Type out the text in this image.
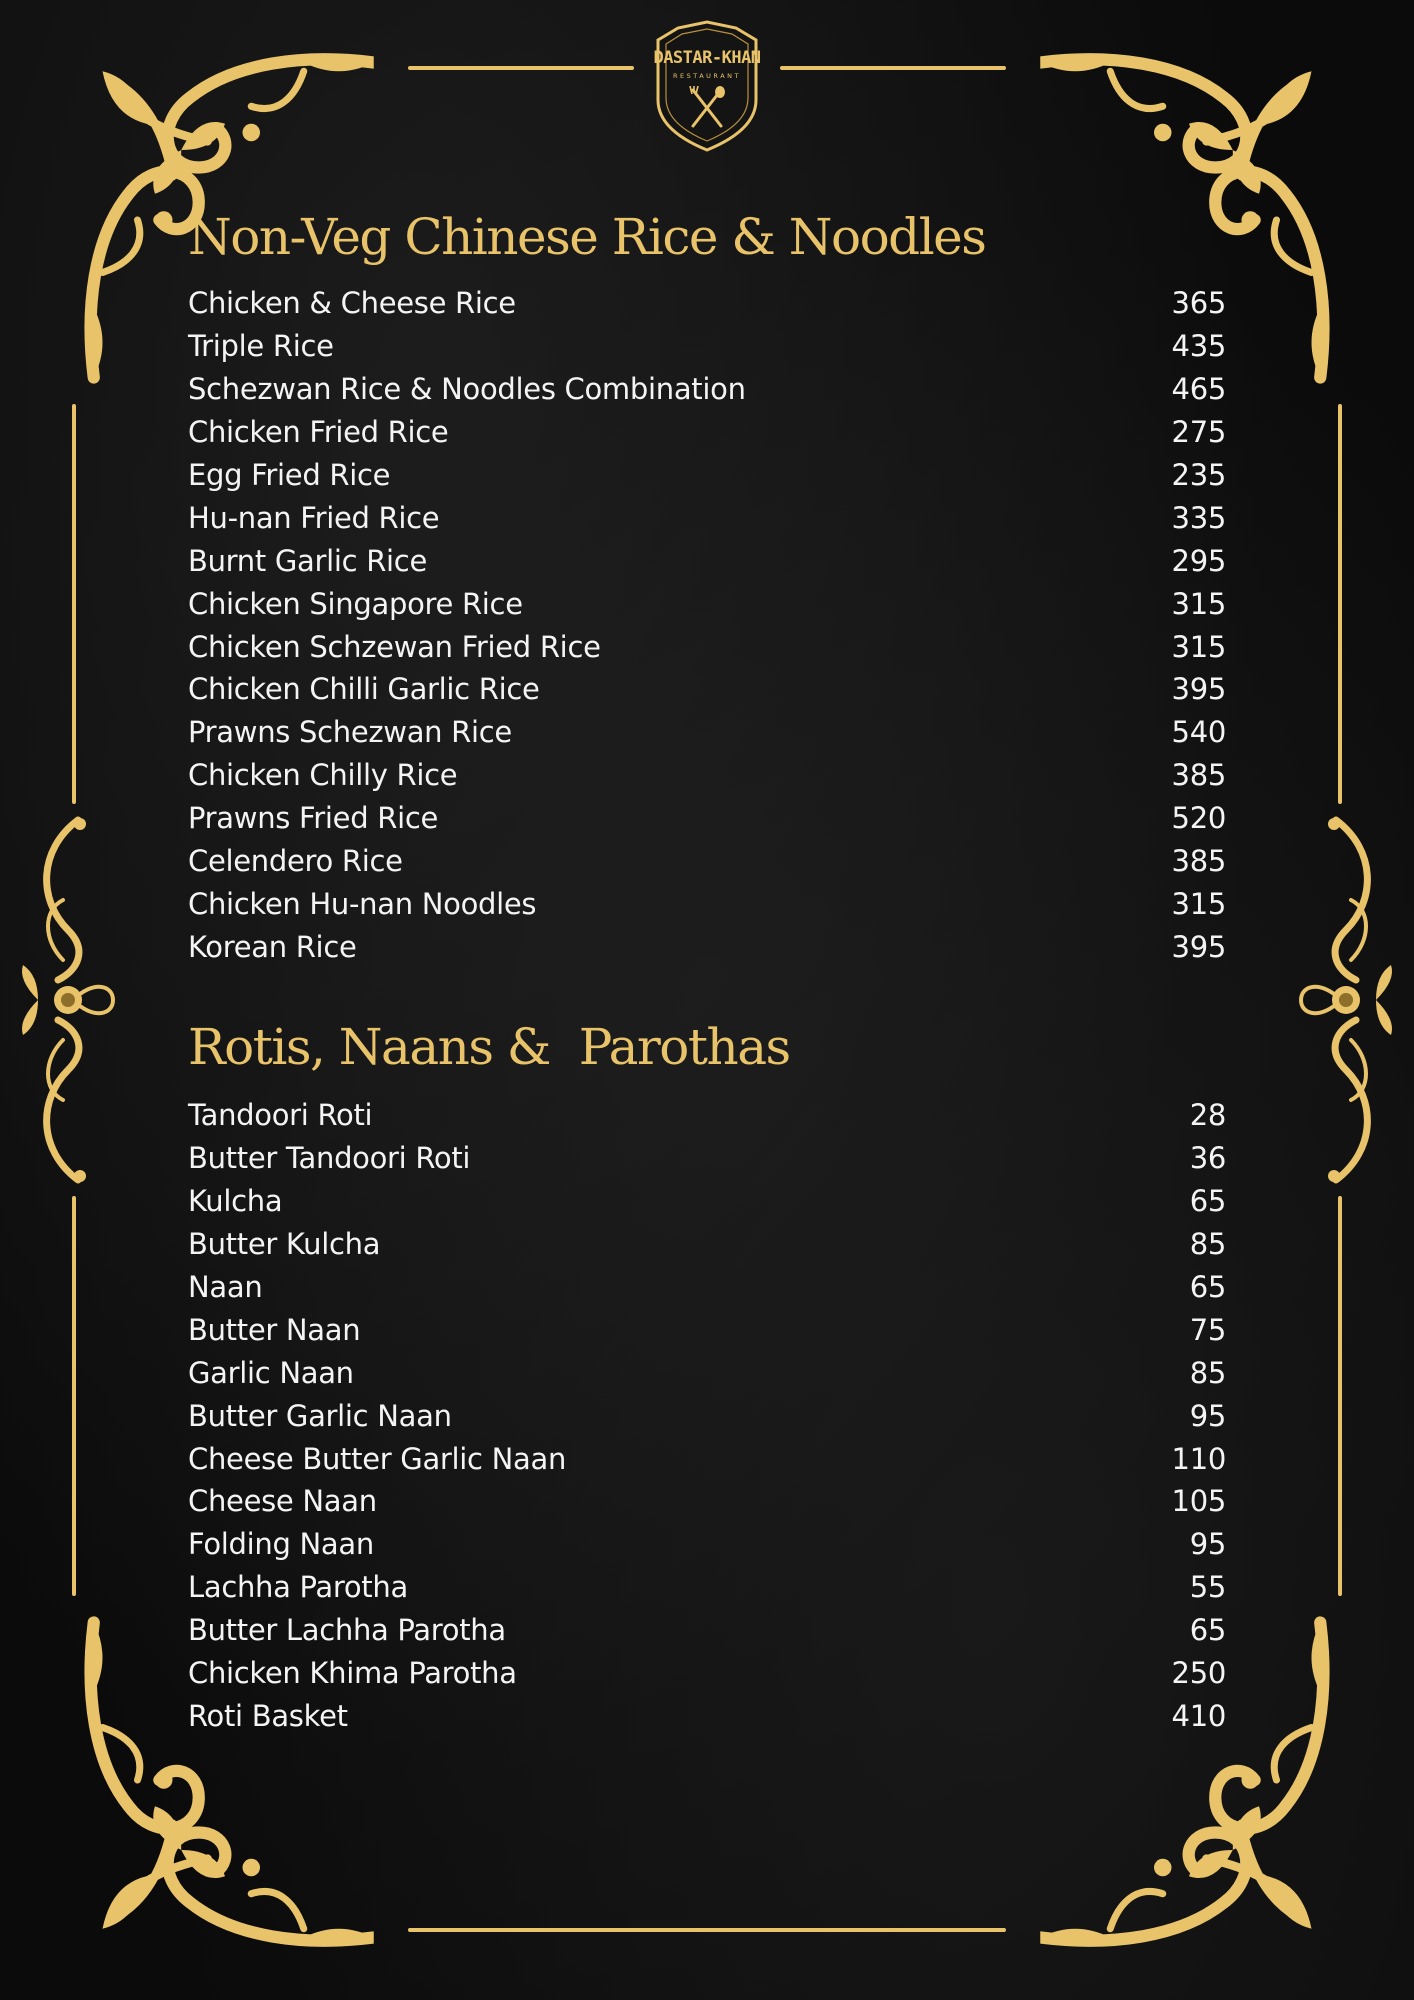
DASTAR-KHAN
RESTAURANT
Non-Veg Chinese Rice & Noodles
Chicken & Cheese Rice	365
Triple Rice	435
Schezwan Rice & Noodles Combination	465
Chicken Fried Rice	275
Egg Fried Rice	235
Hu-nan Fried Rice	335
Burnt Garlic Rice	295
Chicken Singapore Rice	315
Chicken Schzewan Fried Rice	315
Chicken Chilli Garlic Rice	395
Prawns Schezwan Rice	540
Chicken Chilly Rice	385
Prawns Fried Rice	520
Celendero Rice	385
Chicken Hu-nan Noodles	315
Korean Rice	395
Rotis, Naans &  Parothas
Tandoori Roti	28
Butter Tandoori Roti	36
Kulcha	65
Butter Kulcha	85
Naan	65
Butter Naan	75
Garlic Naan	85
Butter Garlic Naan	95
Cheese Butter Garlic Naan	110
Cheese Naan	105
Folding Naan	95
Lachha Parotha	55
Butter Lachha Parotha	65
Chicken Khima Parotha	250
Roti Basket	410
